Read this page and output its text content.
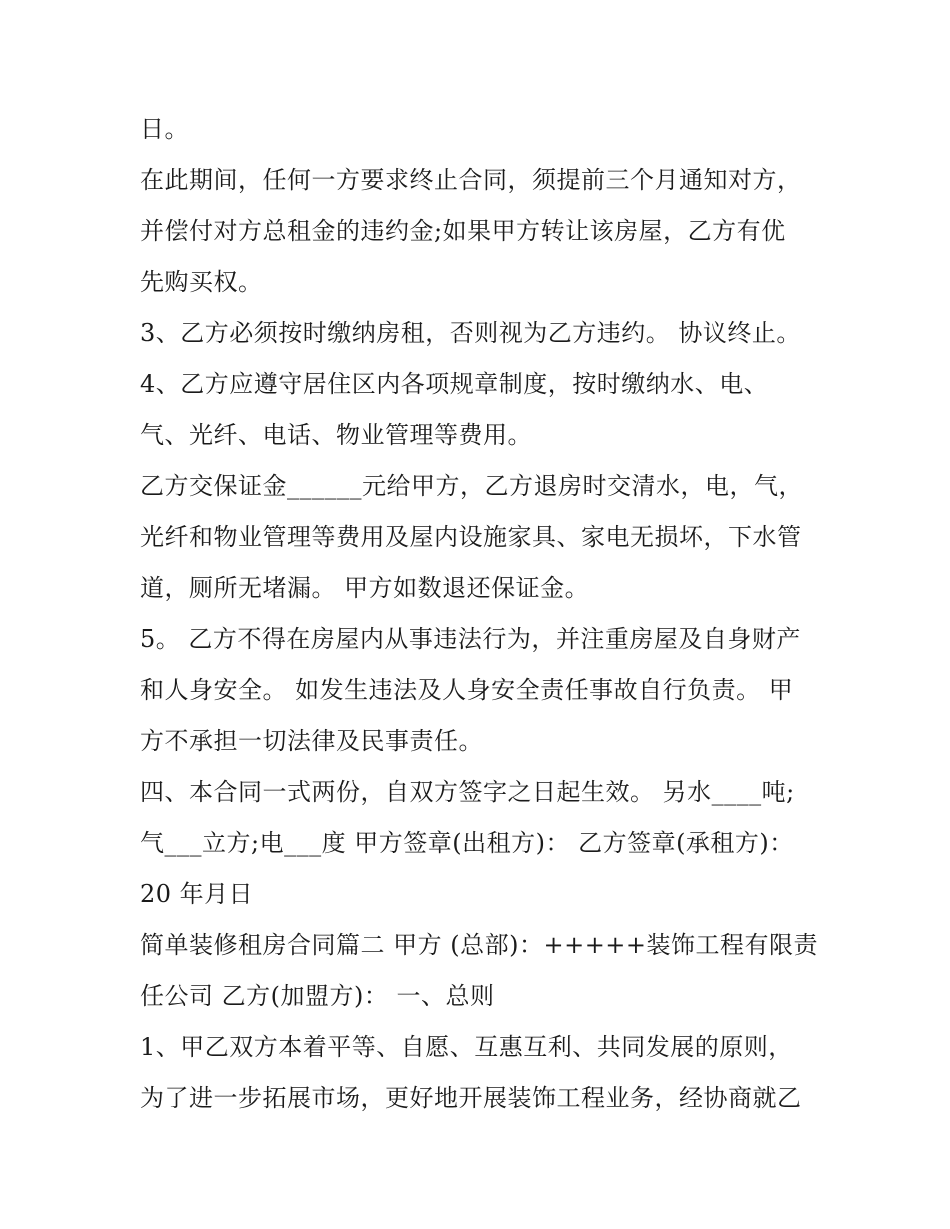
日。
在此期间，任何一方要求终止合同，须提前三个月通知对方，
并偿付对方总租金的违约金;如果甲方转让该房屋，乙方有优
先购买权。
3、乙方必须按时缴纳房租，否则视为乙方违约。 协议终止。
4、乙方应遵守居住区内各项规章制度，按时缴纳水、电、
气、光纤、电话、物业管理等费用。
乙方交保证金______元给甲方，乙方退房时交清水，电，气，
光纤和物业管理等费用及屋内设施家具、家电无损坏，下水管
道，厕所无堵漏。 甲方如数退还保证金。
5。 乙方不得在房屋内从事违法行为，并注重房屋及自身财产
和人身安全。 如发生违法及人身安全责任事故自行负责。 甲
方不承担一切法律及民事责任。
四、本合同一式两份，自双方签字之日起生效。 另水____吨;
气___立方;电___度 甲方签章(出租方)： 乙方签章(承租方)：
20 年月日
简单装修租房合同篇二 甲方 (总部)：+++++装饰工程有限责
任公司 乙方(加盟方)： 一、总则
1、甲乙双方本着平等、自愿、互惠互利、共同发展的原则，
为了进一步拓展市场，更好地开展装饰工程业务，经协商就乙
